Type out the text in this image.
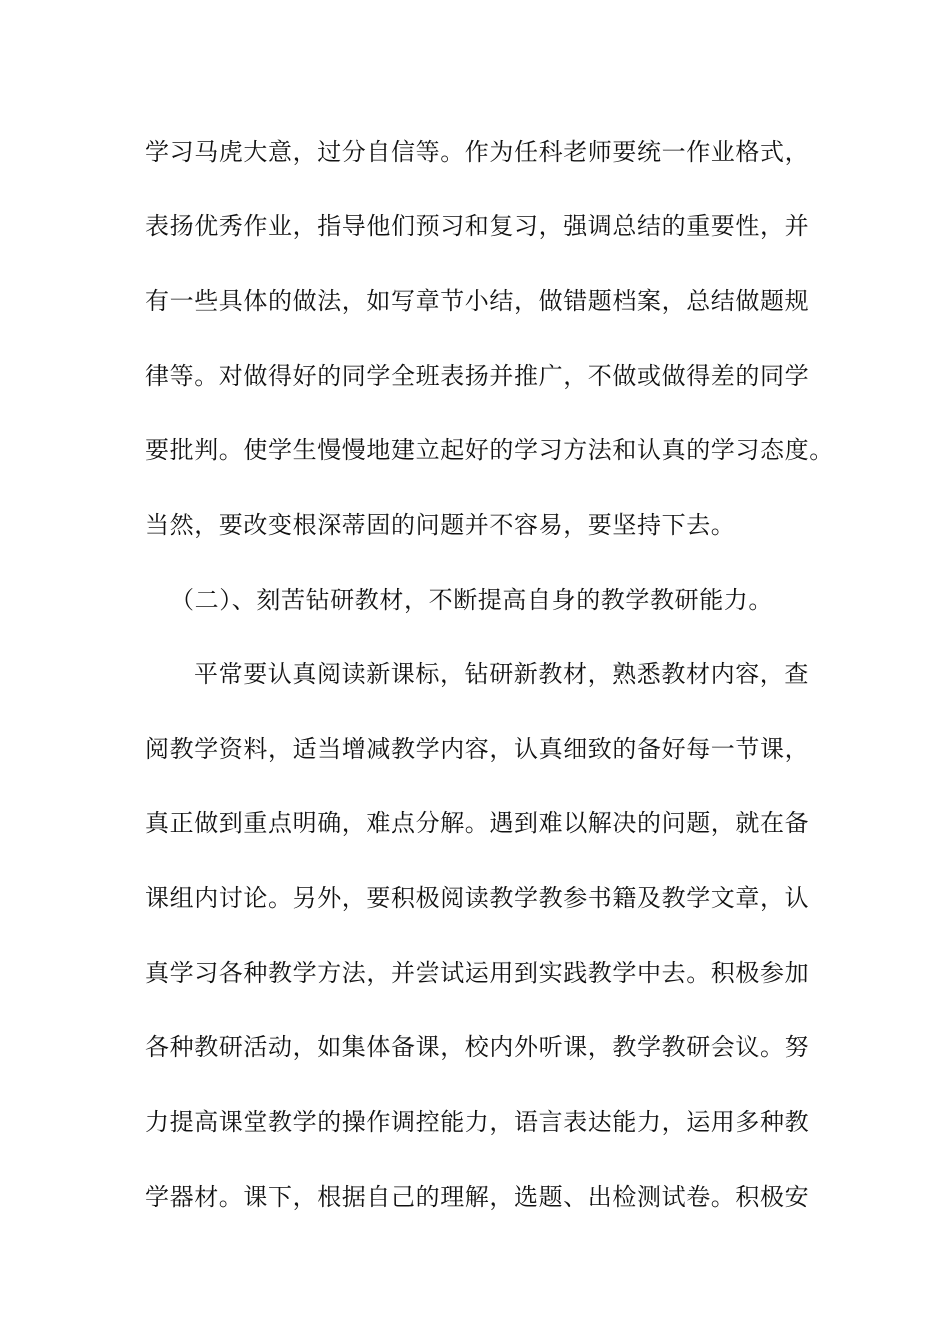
学习马虎大意，过分自信等。作为任科老师要统一作业格式，
表扬优秀作业，指导他们预习和复习，强调总结的重要性，并
有一些具体的做法，如写章节小结，做错题档案，总结做题规
律等。对做得好的同学全班表扬并推广，不做或做得差的同学
要批判。使学生慢慢地建立起好的学习方法和认真的学习态度。
当然，要改变根深蒂固的问题并不容易，要坚持下去。
（二）、刻苦钻研教材，不断提高自身的教学教研能力。
平常要认真阅读新课标，钻研新教材，熟悉教材内容，查
阅教学资料，适当增减教学内容，认真细致的备好每一节课，
真正做到重点明确，难点分解。遇到难以解决的问题，就在备
课组内讨论。另外，要积极阅读教学教参书籍及教学文章，认
真学习各种教学方法，并尝试运用到实践教学中去。积极参加
各种教研活动，如集体备课，校内外听课，教学教研会议。努
力提高课堂教学的操作调控能力，语言表达能力，运用多种教
学器材。课下，根据自己的理解，选题、出检测试卷。积极安
